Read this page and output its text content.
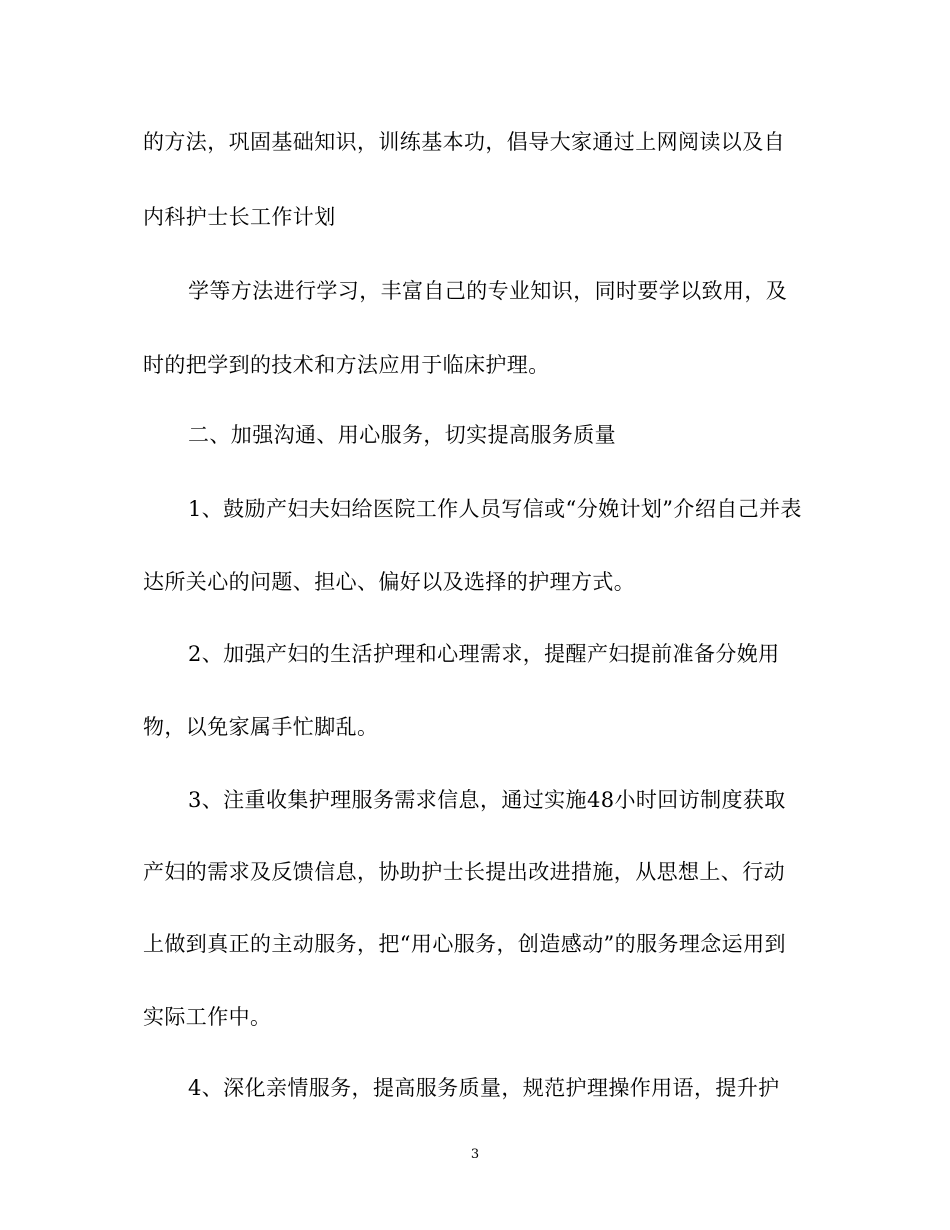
的方法，巩固基础知识，训练基本功，倡导大家通过上网阅读以及自
内科护士长工作计划
学等方法进行学习，丰富自己的专业知识，同时要学以致用，及
时的把学到的技术和方法应用于临床护理。
二、加强沟通、用心服务，切实提高服务质量
1、鼓励产妇夫妇给医院工作人员写信或“分娩计划”介绍自己并表
达所关心的问题、担心、偏好以及选择的护理方式。
2、加强产妇的生活护理和心理需求，提醒产妇提前准备分娩用
物，以免家属手忙脚乱。
3、注重收集护理服务需求信息，通过实施48小时回访制度获取
产妇的需求及反馈信息，协助护士长提出改进措施，从思想上、行动
上做到真正的主动服务，把“用心服务，创造感动”的服务理念运用到
实际工作中。
4、深化亲情服务，提高服务质量，规范护理操作用语，提升护
3
